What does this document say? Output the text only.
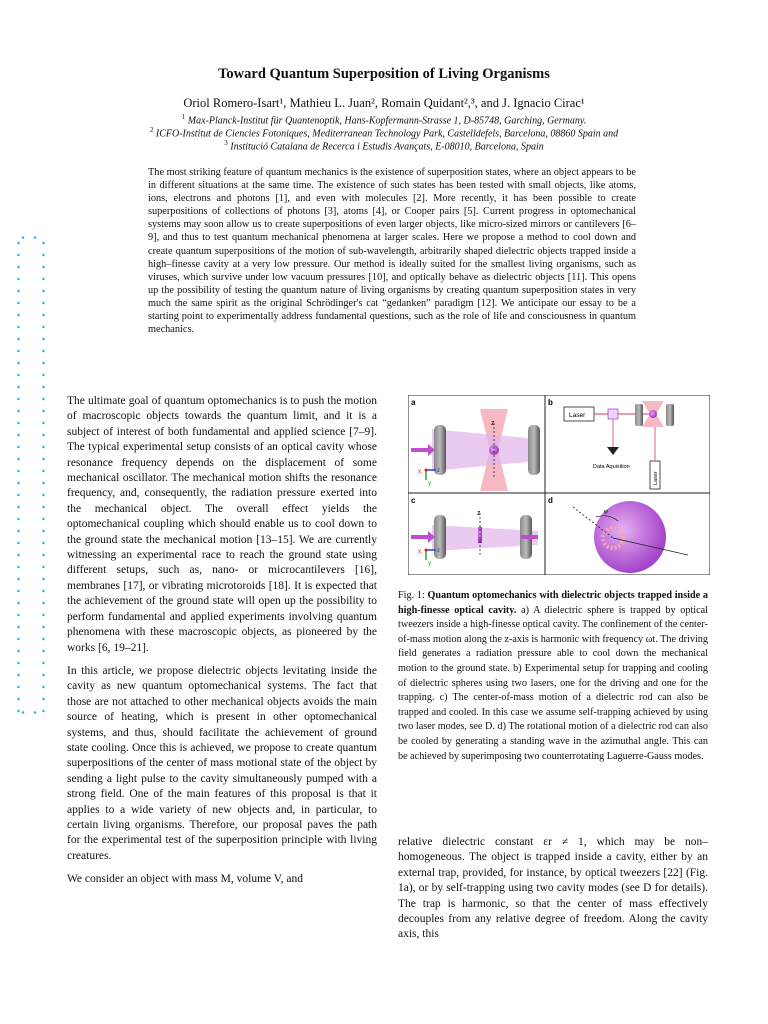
Toward Quantum Superposition of Living Organisms
Oriol Romero-Isart¹, Mathieu L. Juan², Romain Quidant²,³, and J. Ignacio Cirac¹
$^1$ Max-Planck-Institut für Quantenoptik, Hans-Kopfermann-Strasse 1, D-85748, Garching, Germany.
$^2$ ICFO-Institut de Ciencies Fotoniques, Mediterranean Technology Park, Castelldefels, Barcelona, 08860 Spain and
$^3$ Institució Catalana de Recerca i Estudis Avançats, E-08010, Barcelona, Spain
The most striking feature of quantum mechanics is the existence of superposition states, where an object appears to be in different situations at the same time. The existence of such states has been tested with small objects, like atoms, ions, electrons and photons [1], and even with molecules [2]. More recently, it has been possible to create superpositions of collections of photons [3], atoms [4], or Cooper pairs [5]. Current progress in optomechanical systems may soon allow us to create superpositions of even larger objects, like micro-sized mirrors or cantilevers [6–9], and thus to test quantum mechanical phenomena at larger scales. Here we propose a method to cool down and create quantum superpositions of the motion of sub-wavelength, arbitrarily shaped dielectric objects trapped inside a high–finesse cavity at a very low pressure. Our method is ideally suited for the smallest living organisms, such as viruses, which survive under low vacuum pressures [10], and optically behave as dielectric objects [11]. This opens up the possibility of testing the quantum nature of living organisms by creating quantum superposition states in very much the same spirit as the original Schrödinger's cat “gedanken” paradigm [12]. We anticipate our essay to be a starting point to experimentally address fundamental questions, such as the role of life and consciousness in quantum mechanics.

The ultimate goal of quantum optomechanics is to push the motion of macroscopic objects towards the quantum limit, and it is a subject of interest of both fundamental and applied science [7–9]. The typical experimental setup consists of an optical cavity whose resonance frequency depends on the displacement of some mechanical oscillator. The mechanical motion shifts the resonance frequency, and, consequently, the radiation pressure exerted into the mechanical object. The overall effect yields the optomechanical coupling which should enable us to cool down to the ground state the mechanical motion [13–15]. We are currently witnessing an experimental race to reach the ground state using different setups, such as, nano- or microcantilevers [16], membranes [17], or vibrating microtoroids [18]. It is expected that the achievement of the ground state will open up the possibility to perform fundamental and applied experiments involving quantum phenomena with these macroscopic objects, as pioneered by the works [6, 19–21].

In this article, we propose dielectric objects levitating inside the cavity as new quantum optomechanical systems. The fact that those are not attached to other mechanical objects avoids the main source of heating, which is present in other optomechanical systems, and thus, should facilitate the achievement of ground state cooling. Once this is achieved, we propose to create quantum superpositions of the center of mass motional state of the object by sending a light pulse to the cavity simultaneously pumped with a strong field. One of the main features of this proposal is that it applies to a wide variety of new objects and, in particular, to certain living organisms. Therefore, our proposal paves the path for the experimental test of the superposition principle with living creatures.

We consider an object with mass M, volume V, and

a
z
x	z
y
b
Laser
Data Aquisition
Laser
c
z
x	z
y
d
φ
Fig. 1: Quantum optomechanics with dielectric objects trapped inside a high-finesse optical cavity. a) A dielectric sphere is trapped by optical tweezers inside a high-finesse optical cavity. The confinement of the center-of-mass motion along the z-axis is harmonic with frequency ωt. The driving field generates a radiation pressure able to cool down the mechanical motion to the ground state. b) Experimental setup for trapping and cooling of dielectric spheres using two lasers, one for the driving and one for the trapping. c) The center-of-mass motion of a dielectric rod can also be trapped and cooled. In this case we assume self-trapping achieved by using two laser modes, see D. d) The rotational motion of a dielectric rod can also be cooled by generating a standing wave in the azimuthal angle. This can be achieved by superimposing two counterrotating Laguerre-Gauss modes.
relative dielectric constant εr ≠ 1, which may be non–homogeneous. The object is trapped inside a cavity, either by an external trap, provided, for instance, by optical tweezers [22] (Fig. 1a), or by self-trapping using two cavity modes (see D for details). The trap is harmonic, so that the center of mass effectively decouples from any relative degree of freedom. Along the cavity axis, this
